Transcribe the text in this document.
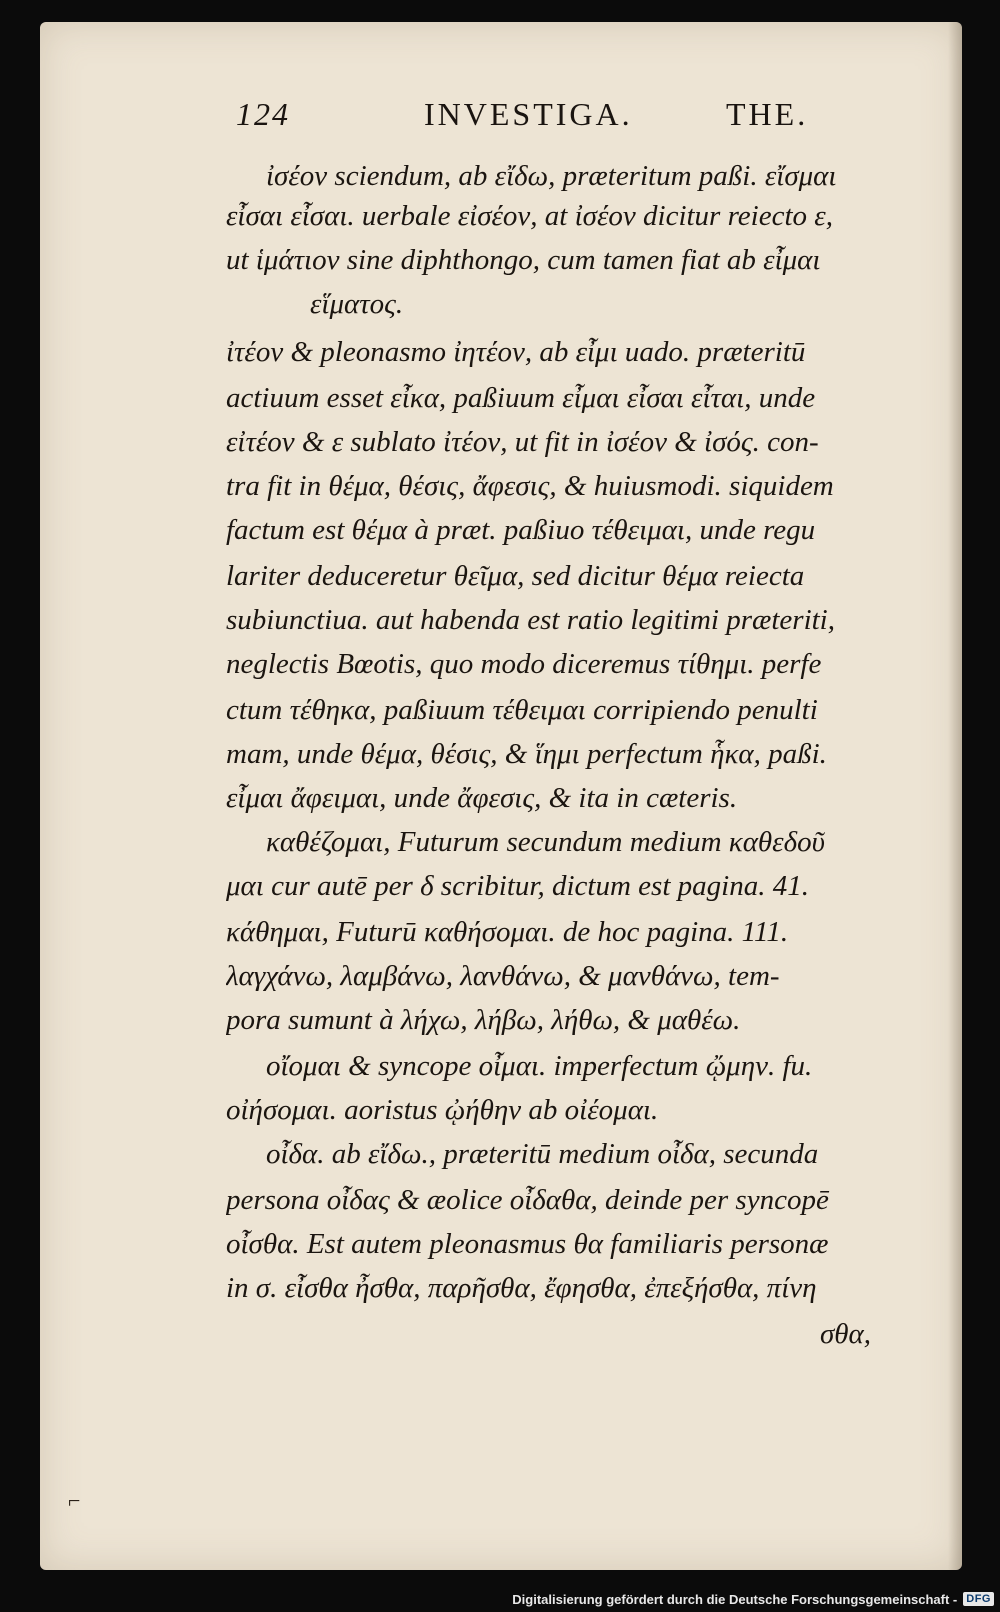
124	INVESTIGA.	THE.
ἰσέον sciendum, ab εἴδω, præteritum paßi. εἴσμαι
εἶσαι εἶσαι. uerbale εἰσέον, at ἰσέον dicitur reiecto ε,
ut ἱμάτιον sine diphthongo, cum tamen fiat ab εἶμαι
εἵματος.
ἰτέον & pleonasmo ἰητέον, ab εἶμι uado. præteritū
actiuum esset εἶκα, paßiuum εἶμαι εἶσαι εἶται, unde
εἰτέον & ε sublato ἰτέον, ut fit in ἰσέον & ἰσός. con-
tra fit in θέμα, θέσις, ἄφεσις, & huiusmodi. siquidem
factum est θέμα à præt. paßiuo τέθειμαι, unde regu
lariter deduceretur θεῖμα, sed dicitur θέμα reiecta
subiunctiua. aut habenda est ratio legitimi præteriti,
neglectis Bœotis, quo modo diceremus τίθημι. perfe
ctum τέθηκα, paßiuum τέθειμαι corripiendo penulti
mam, unde θέμα, θέσις, & ἵημι perfectum ἧκα, paßi.
εἶμαι ἄφειμαι, unde ἄφεσις, & ita in cæteris.
καθέζομαι, Futurum secundum medium καθεδοῦ
μαι cur autē per δ scribitur, dictum est pagina. 41.
κάθημαι, Futurū καθήσομαι. de hoc pagina. 111.
λαγχάνω, λαμβάνω, λανθάνω, & μανθάνω, tem-
pora sumunt à λήχω, λήβω, λήθω, & μαθέω.
οἴομαι & syncope οἶμαι. imperfectum ᾤμην. fu.
οἰήσομαι. aoristus ᾠήθην ab οἰέομαι.
οἶδα. ab εἴδω., præteritū medium οἶδα, secunda
persona οἶδας & æolice οἶδαθα, deinde per syncopē
οἶσθα. Est autem pleonasmus θα familiaris personæ
in σ. εἶσθα ἦσθα, παρῆσθα, ἔφησθα, ἐπεξήσθα, πίνη
σθα,
⌐
Digitalisierung gefördert durch die Deutsche Forschungsgemeinschaft - DFG
